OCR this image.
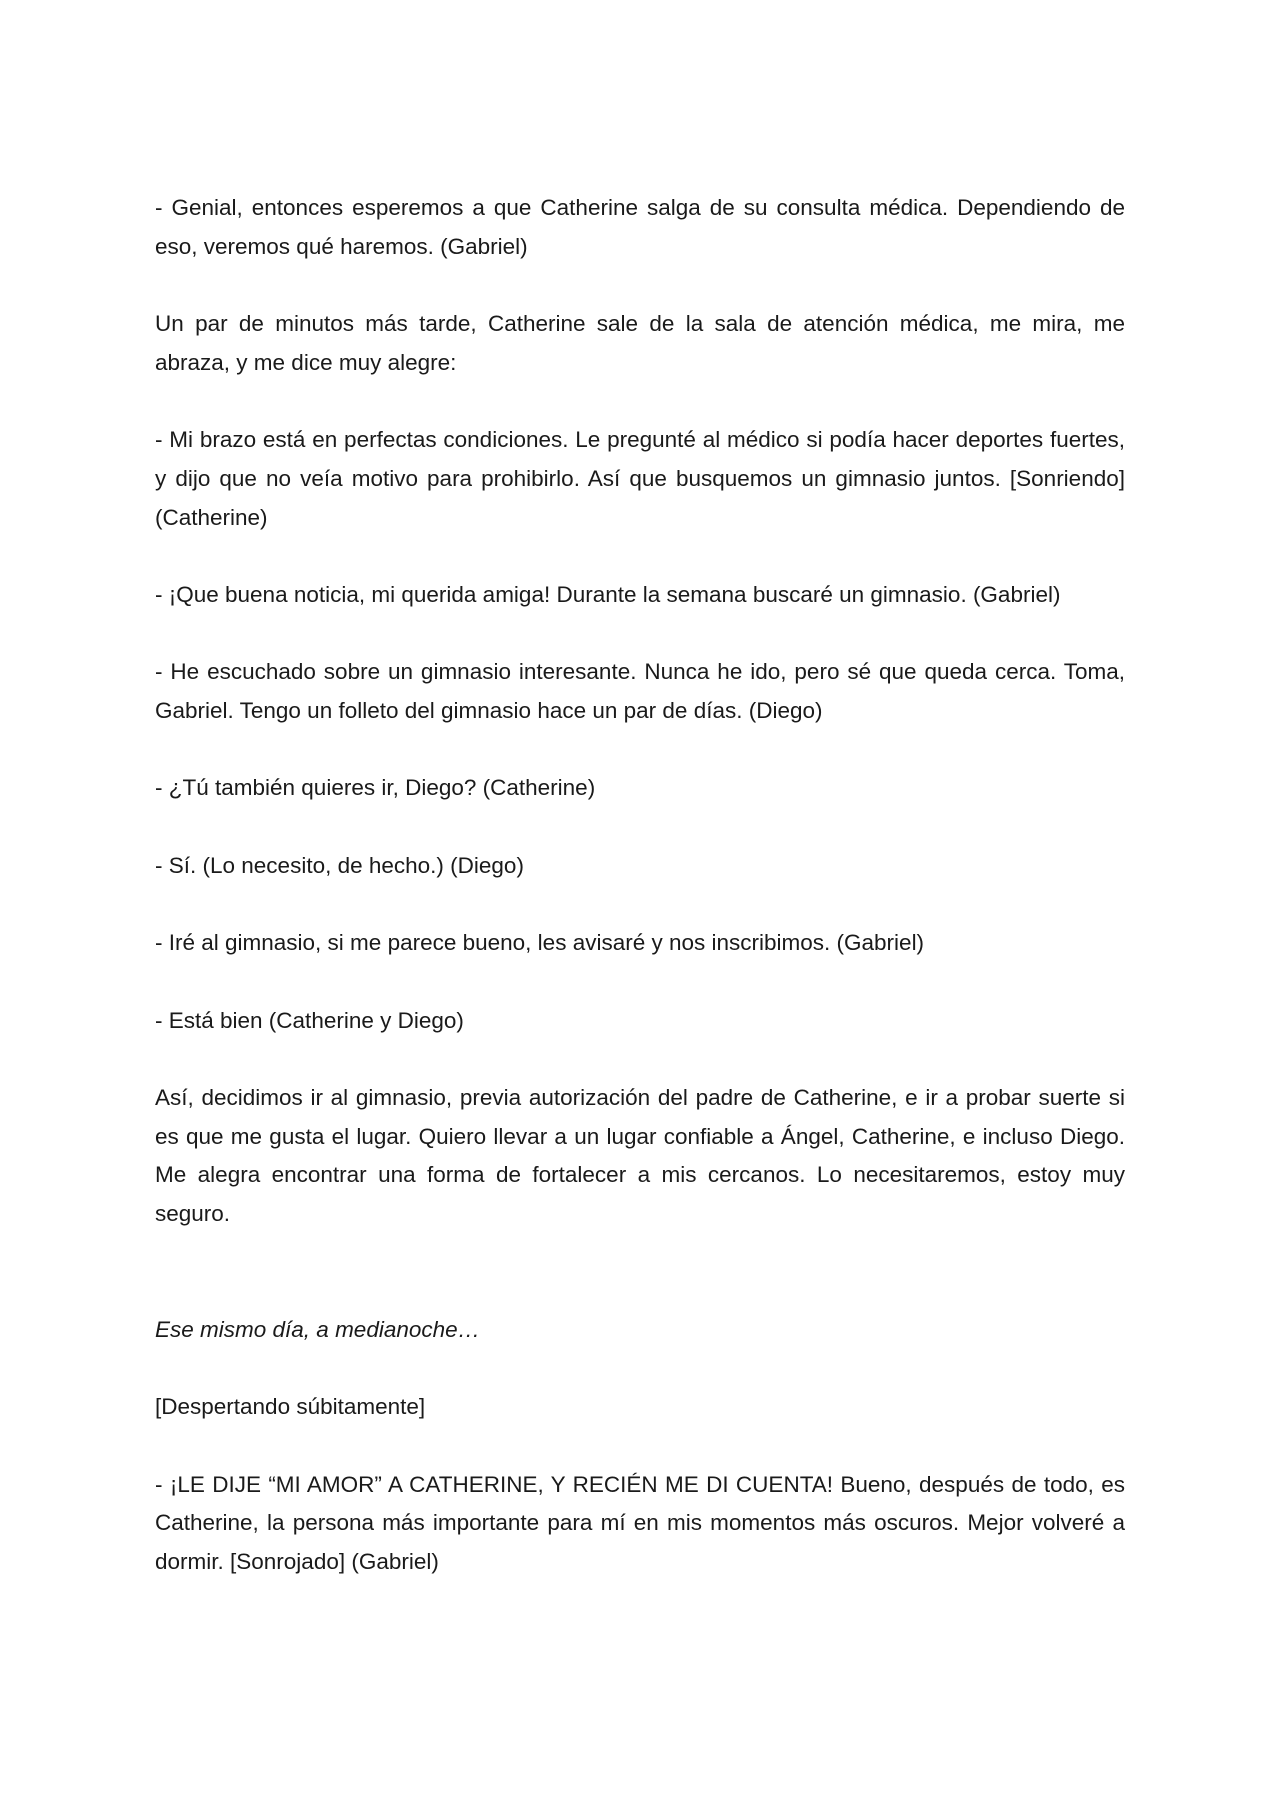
- Genial, entonces esperemos a que Catherine salga de su consulta médica. Dependiendo de eso, veremos qué haremos. (Gabriel)

Un par de minutos más tarde, Catherine sale de la sala de atención médica, me mira, me abraza, y me dice muy alegre:

- Mi brazo está en perfectas condiciones. Le pregunté al médico si podía hacer deportes fuertes, y dijo que no veía motivo para prohibirlo. Así que busquemos un gimnasio juntos. [Sonriendo] (Catherine)

- ¡Que buena noticia, mi querida amiga! Durante la semana buscaré un gimnasio. (Gabriel)

- He escuchado sobre un gimnasio interesante. Nunca he ido, pero sé que queda cerca. Toma, Gabriel. Tengo un folleto del gimnasio hace un par de días. (Diego)

- ¿Tú también quieres ir, Diego? (Catherine)

- Sí. (Lo necesito, de hecho.) (Diego)

- Iré al gimnasio, si me parece bueno, les avisaré y nos inscribimos. (Gabriel)

- Está bien (Catherine y Diego)

Así, decidimos ir al gimnasio, previa autorización del padre de Catherine, e ir a probar suerte si es que me gusta el lugar. Quiero llevar a un lugar confiable a Ángel, Catherine, e incluso Diego. Me alegra encontrar una forma de fortalecer a mis cercanos. Lo necesitaremos, estoy muy seguro.

Ese mismo día, a medianoche…

[Despertando súbitamente]

- ¡LE DIJE “MI AMOR” A CATHERINE, Y RECIÉN ME DI CUENTA! Bueno, después de todo, es Catherine, la persona más importante para mí en mis momentos más oscuros. Mejor volveré a dormir. [Sonrojado] (Gabriel)
